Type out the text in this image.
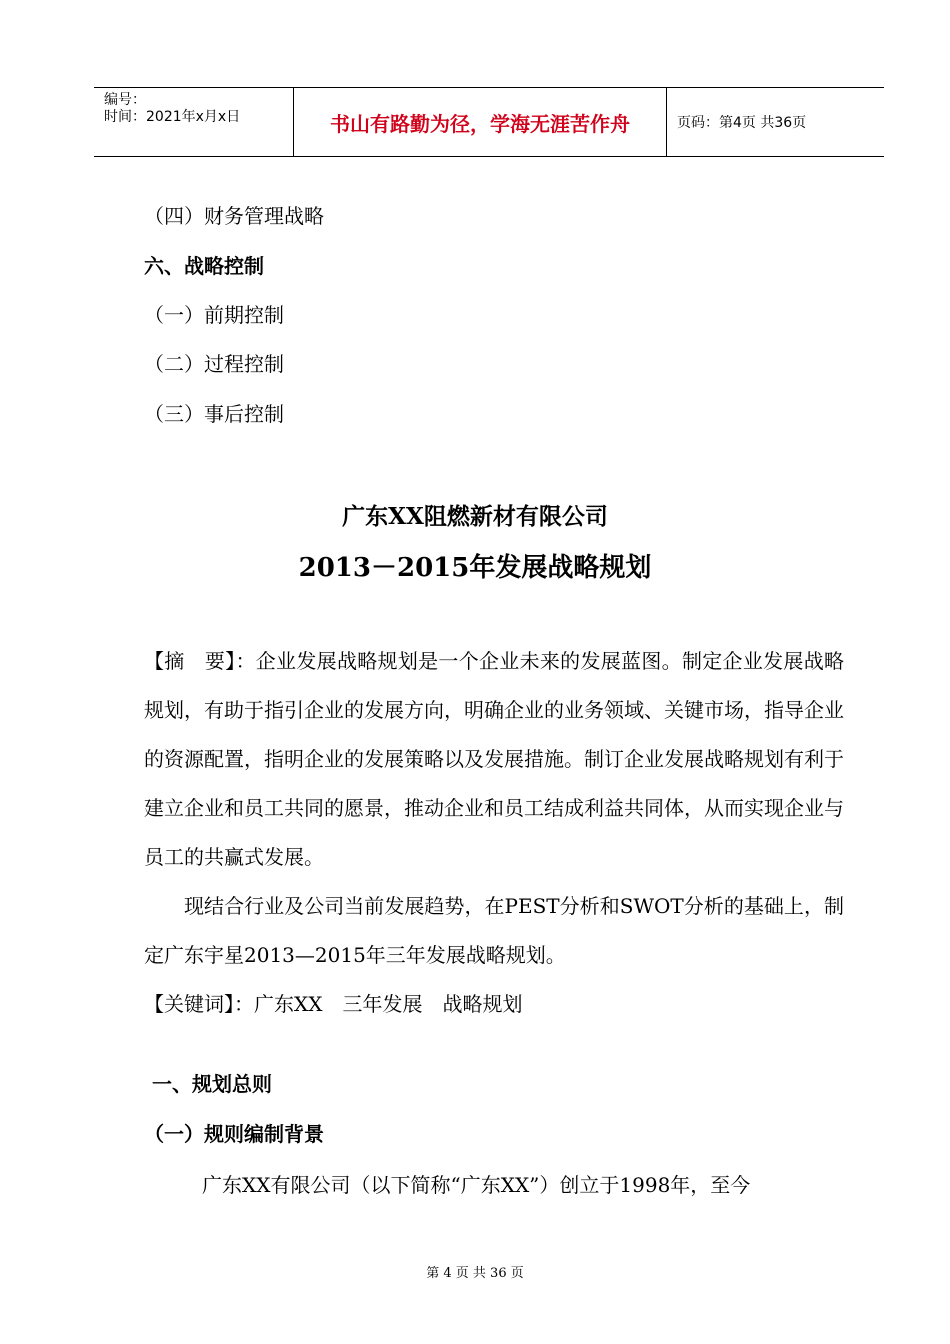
编号：
时间：2021年x月x日	书山有路勤为径，学海无涯苦作舟	页码：第4页 共36页
（四）财务管理战略
六、战略控制
（一）前期控制
（二）过程控制
（三）事后控制
广东XX阻燃新材有限公司
2013－2015年发展战略规划

【摘　要】：企业发展战略规划是一个企业未来的发展蓝图。制定企业发展战略规划，有助于指引企业的发展方向，明确企业的业务领域、关键市场，指导企业的资源配置，指明企业的发展策略以及发展措施。制订企业发展战略规划有利于建立企业和员工共同的愿景，推动企业和员工结成利益共同体，从而实现企业与员工的共赢式发展。

现结合行业及公司当前发展趋势，在PEST分析和SWOT分析的基础上，制定广东宇星2013—2015年三年发展战略规划。

【关键词】：广东XX　三年发展　战略规划

一、规划总则
（一）规则编制背景
广东XX有限公司（以下简称“广东XX”）创立于1998年，至今
第 4 页 共 36 页
